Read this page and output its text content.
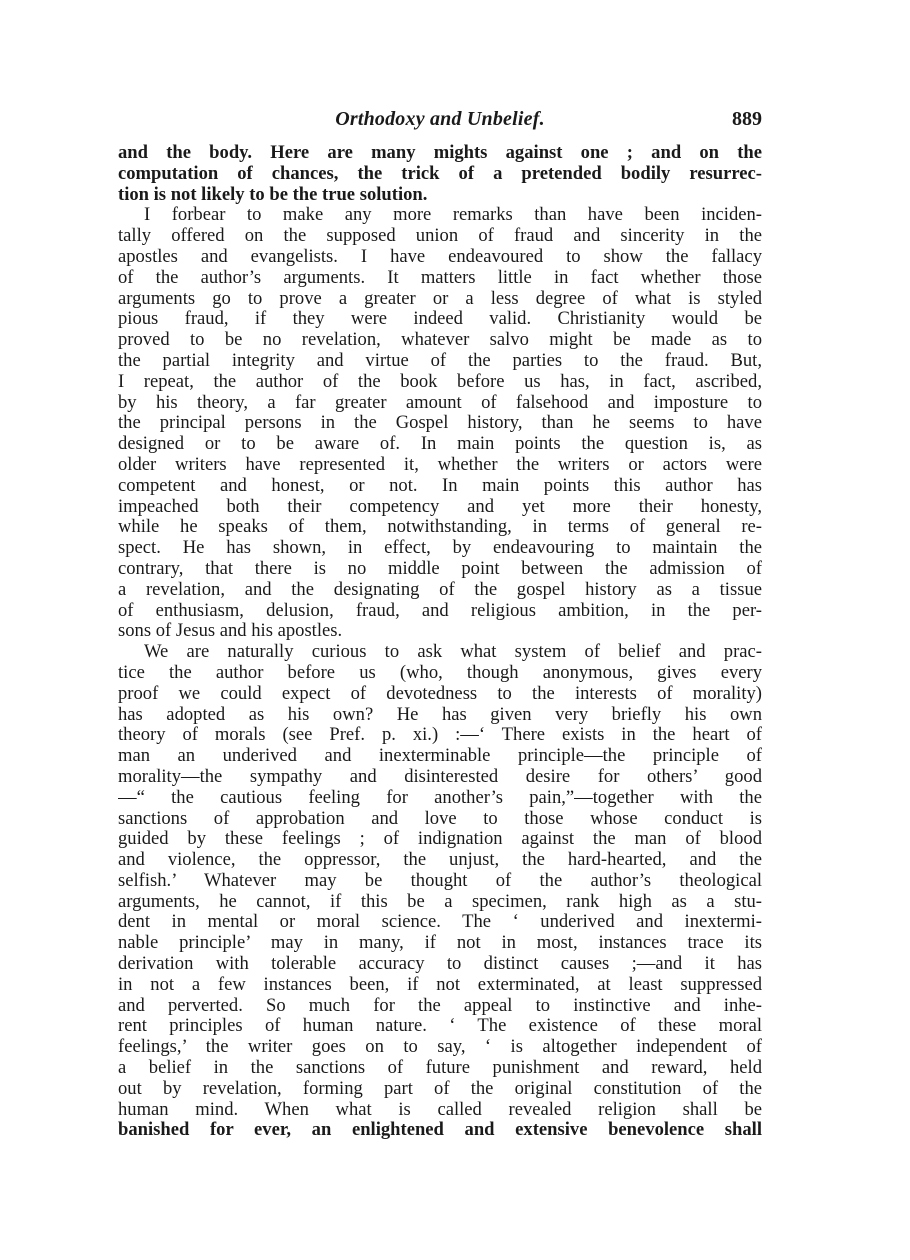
Orthodoxy and Unbelief.	889
and the body. Here are many mights against one ; and on the
computation of chances, the trick of a pretended bodily resurrec-
tion is not likely to be the true solution.
I forbear to make any more remarks than have been inciden-
tally offered on the supposed union of fraud and sincerity in the
apostles and evangelists. I have endeavoured to show the fallacy
of the author’s arguments. It matters little in fact whether those
arguments go to prove a greater or a less degree of what is styled
pious fraud, if they were indeed valid. Christianity would be
proved to be no revelation, whatever salvo might be made as to
the partial integrity and virtue of the parties to the fraud. But,
I repeat, the author of the book before us has, in fact, ascribed,
by his theory, a far greater amount of falsehood and imposture to
the principal persons in the Gospel history, than he seems to have
designed or to be aware of. In main points the question is, as
older writers have represented it, whether the writers or actors were
competent and honest, or not. In main points this author has
impeached both their competency and yet more their honesty,
while he speaks of them, notwithstanding, in terms of general re-
spect. He has shown, in effect, by endeavouring to maintain the
contrary, that there is no middle point between the admission of
a revelation, and the designating of the gospel history as a tissue
of enthusiasm, delusion, fraud, and religious ambition, in the per-
sons of Jesus and his apostles.
We are naturally curious to ask what system of belief and prac-
tice the author before us (who, though anonymous, gives every
proof we could expect of devotedness to the interests of morality)
has adopted as his own? He has given very briefly his own
theory of morals (see Pref. p. xi.) :—‘ There exists in the heart of
man an underived and inexterminable principle—the principle of
morality—the sympathy and disinterested desire for others’ good
—“ the cautious feeling for another’s pain,”—together with the
sanctions of approbation and love to those whose conduct is
guided by these feelings ; of indignation against the man of blood
and violence, the oppressor, the unjust, the hard-hearted, and the
selfish.’ Whatever may be thought of the author’s theological
arguments, he cannot, if this be a specimen, rank high as a stu-
dent in mental or moral science. The ‘ underived and inextermi-
nable principle’ may in many, if not in most, instances trace its
derivation with tolerable accuracy to distinct causes ;—and it has
in not a few instances been, if not exterminated, at least suppressed
and perverted. So much for the appeal to instinctive and inhe-
rent principles of human nature. ‘ The existence of these moral
feelings,’ the writer goes on to say, ‘ is altogether independent of
a belief in the sanctions of future punishment and reward, held
out by revelation, forming part of the original constitution of the
human mind. When what is called revealed religion shall be
banished for ever, an enlightened and extensive benevolence shall
